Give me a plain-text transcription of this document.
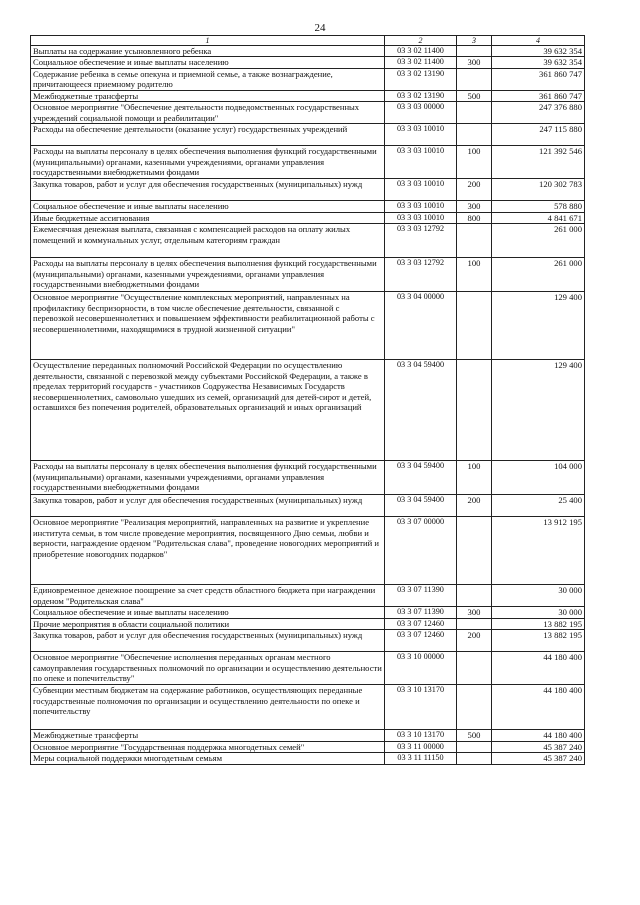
24
1	2	3	4
Выплаты на содержание усыновленного ребенка	03 3 02 11400		39 632 354
Социальное обеспечение и иные выплаты населению	03 3 02 11400	300	39 632 354
Содержание ребенка в семье опекуна и приемной семье, а также вознаграждение, причитающееся приемному родителю	03 3 02 13190		361 860 747
Межбюджетные трансферты	03 3 02 13190	500	361 860 747
Основное мероприятие "Обеспечение деятельности подведомственных государственных учреждений социальной помощи и реабилитации"	03 3 03 00000		247 376 880
Расходы на обеспечение деятельности (оказание услуг) государственных учреждений	03 3 03 10010		247 115 880
Расходы на выплаты персоналу в целях обеспечения выполнения функций государственными (муниципальными) органами, казенными учреждениями, органами управления государственными внебюджетными фондами	03 3 03 10010	100	121 392 546
Закупка товаров, работ и услуг для обеспечения государственных (муниципальных) нужд	03 3 03 10010	200	120 302 783
Социальное обеспечение и иные выплаты населению	03 3 03 10010	300	578 880
Иные бюджетные ассигнования	03 3 03 10010	800	4 841 671
Ежемесячная денежная выплата, связанная с компенсацией расходов на оплату жилых помещений и коммунальных услуг, отдельным категориям граждан	03 3 03 12792		261 000
Расходы на выплаты персоналу в целях обеспечения выполнения функций государственными (муниципальными) органами, казенными учреждениями, органами управления государственными внебюджетными фондами	03 3 03 12792	100	261 000
Основное мероприятие "Осуществление комплексных мероприятий, направленных на профилактику беспризорности, в том числе обеспечение деятельности, связанной с перевозкой несовершеннолетних и повышением эффективности реабилитационной работы с несовершеннолетними, находящимися в трудной жизненной ситуации"	03 3 04 00000		129 400
Осуществление переданных полномочий Российской Федерации по осуществлению деятельности, связанной с перевозкой между субъектами Российской Федерации, а также в пределах территорий государств - участников Содружества Независимых Государств несовершеннолетних, самовольно ушедших из семей, организаций для детей-сирот и детей, оставшихся без попечения родителей, образовательных организаций и иных организаций	03 3 04 59400		129 400
Расходы на выплаты персоналу в целях обеспечения выполнения функций государственными (муниципальными) органами, казенными учреждениями, органами управления государственными внебюджетными фондами	03 3 04 59400	100	104 000
Закупка товаров, работ и услуг для обеспечения государственных (муниципальных) нужд	03 3 04 59400	200	25 400
Основное мероприятие "Реализация мероприятий, направленных на развитие и укрепление института семьи, в том числе проведение мероприятия, посвященного Дню семьи, любви и верности, награждение орденом "Родительская слава", проведение новогодних мероприятий и приобретение новогодних подарков"	03 3 07 00000		13 912 195
Единовременное денежное поощрение за счет средств областного бюджета при награждении орденом "Родительская слава"	03 3 07 11390		30 000
Социальное обеспечение и иные выплаты населению	03 3 07 11390	300	30 000
Прочие мероприятия в области социальной политики	03 3 07 12460		13 882 195
Закупка товаров, работ и услуг для обеспечения государственных (муниципальных) нужд	03 3 07 12460	200	13 882 195
Основное мероприятие "Обеспечение исполнения переданных органам местного самоуправления государственных полномочий по организации и осуществлению деятельности по опеке и попечительству"	03 3 10 00000		44 180 400
Субвенции местным бюджетам на содержание работников, осуществляющих переданные государственные полномочия по организации и осуществлению деятельности по опеке и попечительству	03 3 10 13170		44 180 400
Межбюджетные трансферты	03 3 10 13170	500	44 180 400
Основное мероприятие "Государственная поддержка многодетных семей"	03 3 11 00000		45 387 240
Меры социальной поддержки многодетным семьям	03 3 11 11150		45 387 240
